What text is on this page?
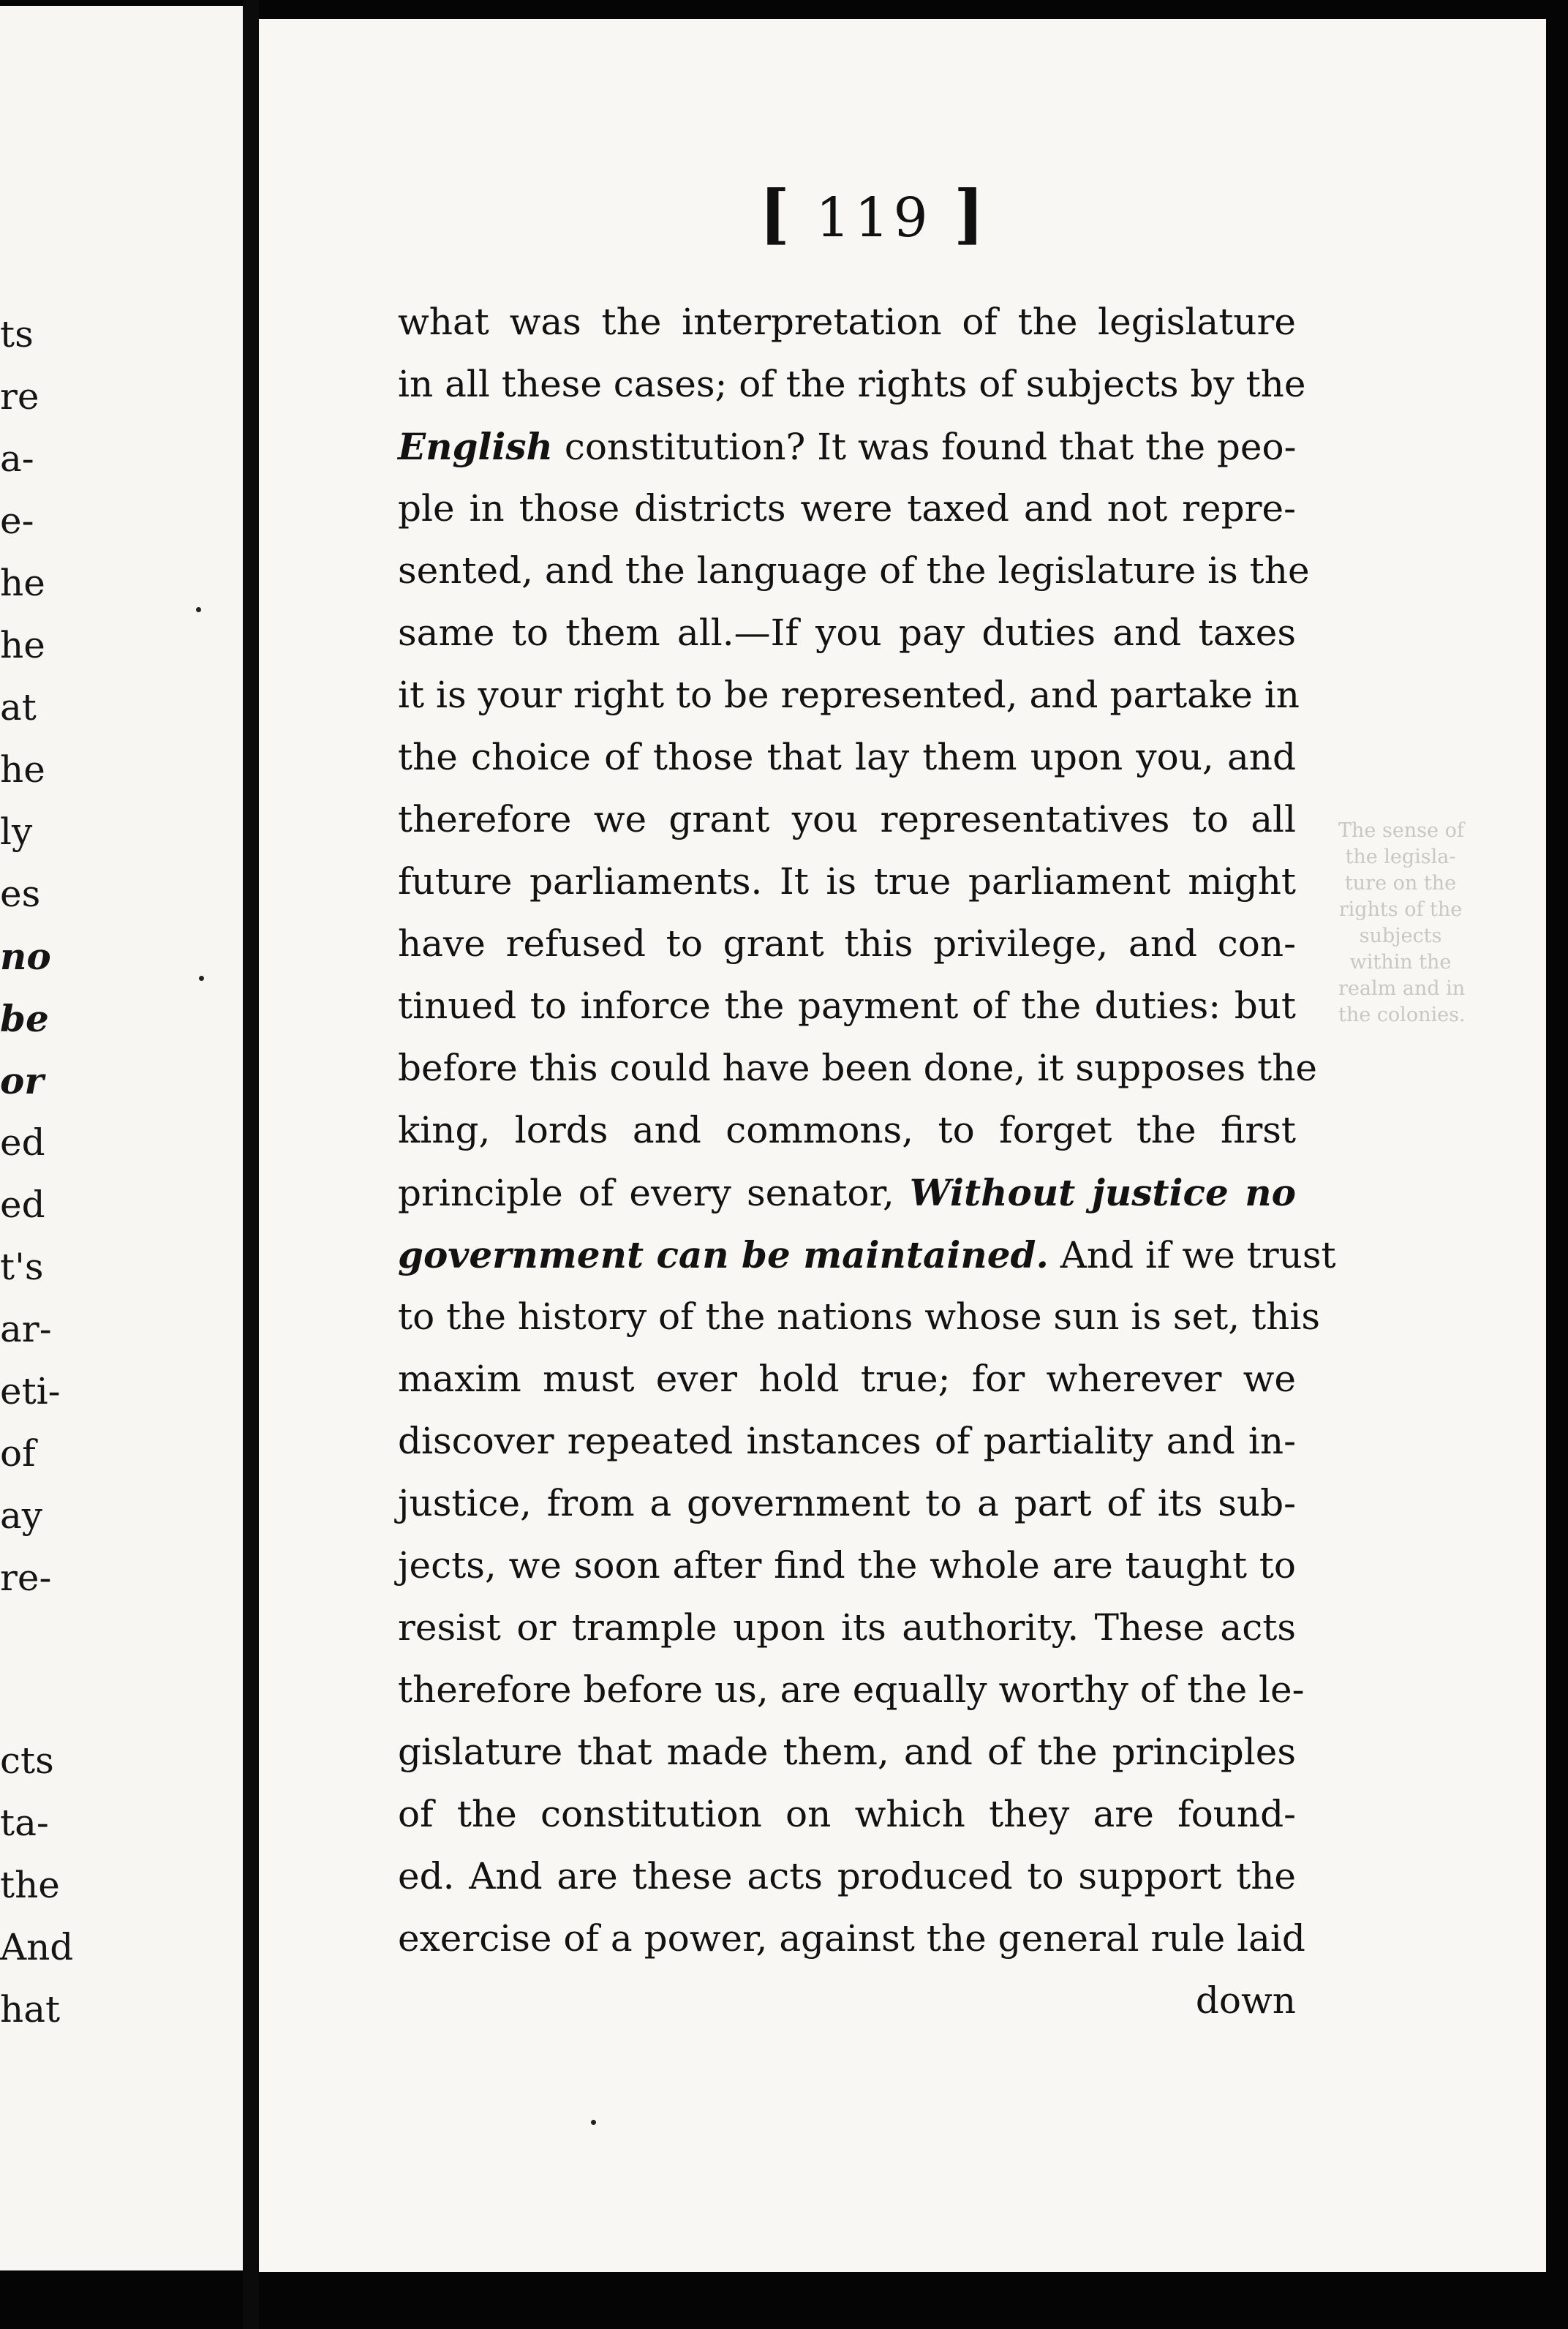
ts
re
a-
e-
he
he
at
he
ly
es
no
be
or
ed
ed
t's
ar-
eti-
of
ay
re-
cts
ta-
the
And
hat
[ 119 ]
what was the interpretation of the legislature
in all these cases; of the rights of subjects by the
English constitution? It was found that the peo-
ple in those districts were taxed and not repre-
sented, and the language of the legislature is the
same to them all.—If you pay duties and taxes
it is your right to be represented, and partake in
the choice of those that lay them upon you, and
therefore we grant you representatives to all
future parliaments. It is true parliament might
have refused to grant this privilege, and con-
tinued to inforce the payment of the duties: but
before this could have been done, it supposes the
king, lords and commons, to forget the first
principle of every senator, Without justice no
government can be maintained. And if we trust
to the history of the nations whose sun is set, this
maxim must ever hold true; for wherever we
discover repeated instances of partiality and in-
justice, from a government to a part of its sub-
jects, we soon after find the whole are taught to
resist or trample upon its authority. These acts
therefore before us, are equally worthy of the le-
gislature that made them, and of the principles
of the constitution on which they are found-
ed. And are these acts produced to support the
exercise of a power, against the general rule laid
down
The sense of
the legisla-
ture on the
rights of the
subjects
within the
realm and in
the colonies.
